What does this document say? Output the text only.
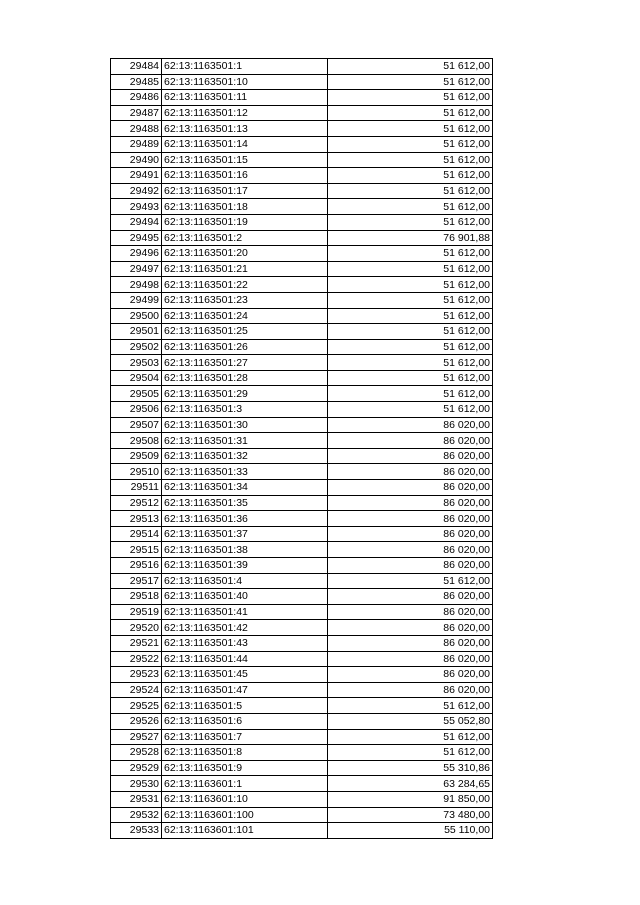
29484	62:13:1163501:1	51 612,00
29485	62:13:1163501:10	51 612,00
29486	62:13:1163501:11	51 612,00
29487	62:13:1163501:12	51 612,00
29488	62:13:1163501:13	51 612,00
29489	62:13:1163501:14	51 612,00
29490	62:13:1163501:15	51 612,00
29491	62:13:1163501:16	51 612,00
29492	62:13:1163501:17	51 612,00
29493	62:13:1163501:18	51 612,00
29494	62:13:1163501:19	51 612,00
29495	62:13:1163501:2	76 901,88
29496	62:13:1163501:20	51 612,00
29497	62:13:1163501:21	51 612,00
29498	62:13:1163501:22	51 612,00
29499	62:13:1163501:23	51 612,00
29500	62:13:1163501:24	51 612,00
29501	62:13:1163501:25	51 612,00
29502	62:13:1163501:26	51 612,00
29503	62:13:1163501:27	51 612,00
29504	62:13:1163501:28	51 612,00
29505	62:13:1163501:29	51 612,00
29506	62:13:1163501:3	51 612,00
29507	62:13:1163501:30	86 020,00
29508	62:13:1163501:31	86 020,00
29509	62:13:1163501:32	86 020,00
29510	62:13:1163501:33	86 020,00
29511	62:13:1163501:34	86 020,00
29512	62:13:1163501:35	86 020,00
29513	62:13:1163501:36	86 020,00
29514	62:13:1163501:37	86 020,00
29515	62:13:1163501:38	86 020,00
29516	62:13:1163501:39	86 020,00
29517	62:13:1163501:4	51 612,00
29518	62:13:1163501:40	86 020,00
29519	62:13:1163501:41	86 020,00
29520	62:13:1163501:42	86 020,00
29521	62:13:1163501:43	86 020,00
29522	62:13:1163501:44	86 020,00
29523	62:13:1163501:45	86 020,00
29524	62:13:1163501:47	86 020,00
29525	62:13:1163501:5	51 612,00
29526	62:13:1163501:6	55 052,80
29527	62:13:1163501:7	51 612,00
29528	62:13:1163501:8	51 612,00
29529	62:13:1163501:9	55 310,86
29530	62:13:1163601:1	63 284,65
29531	62:13:1163601:10	91 850,00
29532	62:13:1163601:100	73 480,00
29533	62:13:1163601:101	55 110,00
